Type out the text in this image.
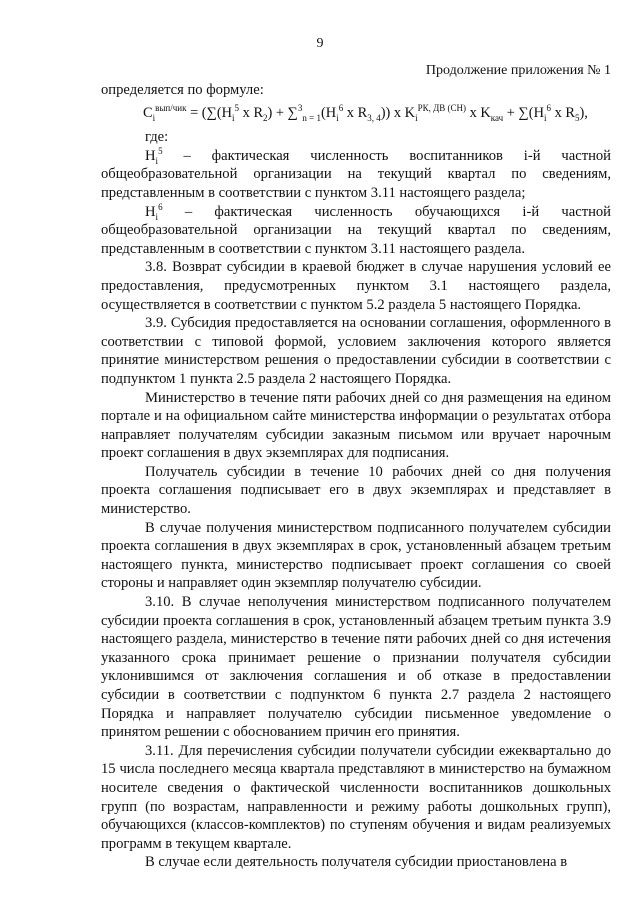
9
Продолжение приложения № 1

определяется по формуле:

$C_i^{вып/чик} = (\sum(H_i^5$ x $R_2) + \sum^3_{n = 1}(H_i^6$ x $R_{3, 4}$)) x $K_i^{РК, ДВ (СН)}$ x $K_{кач} + \sum(H_i^6$ x $R_5$),

где:

$H_i^5$ – фактическая численность воспитанников i-й частной общеобразовательной организации на текущий квартал по сведениям, представленным в соответствии с пунктом 3.11 настоящего раздела;

$H_i^6$ – фактическая численность обучающихся i-й частной общеобразовательной организации на текущий квартал по сведениям, представленным в соответствии с пунктом 3.11 настоящего раздела.

3.8. Возврат субсидии в краевой бюджет в случае нарушения условий ее предоставления, предусмотренных пунктом 3.1 настоящего раздела, осуществляется в соответствии с пунктом 5.2 раздела 5 настоящего Порядка.

3.9. Субсидия предоставляется на основании соглашения, оформленного в соответствии с типовой формой, условием заключения которого является принятие министерством решения о предоставлении субсидии в соответствии с подпунктом 1 пункта 2.5 раздела 2 настоящего Порядка.

Министерство в течение пяти рабочих дней со дня размещения на едином портале и на официальном сайте министерства информации о результатах отбора направляет получателям субсидии заказным письмом или вручает нарочным проект соглашения в двух экземплярах для подписания.

Получатель субсидии в течение 10 рабочих дней со дня получения проекта соглашения подписывает его в двух экземплярах и представляет в министерство.

В случае получения министерством подписанного получателем субсидии проекта соглашения в двух экземплярах в срок, установленный абзацем третьим настоящего пункта, министерство подписывает проект соглашения со своей стороны и направляет один экземпляр получателю субсидии.

3.10. В случае неполучения министерством подписанного получателем субсидии проекта соглашения в срок, установленный абзацем третьим пункта 3.9 настоящего раздела, министерство в течение пяти рабочих дней со дня истечения указанного срока принимает решение о признании получателя субсидии уклонившимся от заключения соглашения и об отказе в предоставлении субсидии в соответствии с подпунктом 6 пункта 2.7 раздела 2 настоящего Порядка и направляет получателю субсидии письменное уведомление о принятом решении с обоснованием причин его принятия.

3.11. Для перечисления субсидии получатели субсидии ежеквартально до 15 числа последнего месяца квартала представляют в министерство на бумажном носителе сведения о фактической численности воспитанников дошкольных групп (по возрастам, направленности и режиму работы дошкольных групп), обучающихся (классов-комплектов) по ступеням обучения и видам реализуемых программ в текущем квартале.

В случае если деятельность получателя субсидии приостановлена в
